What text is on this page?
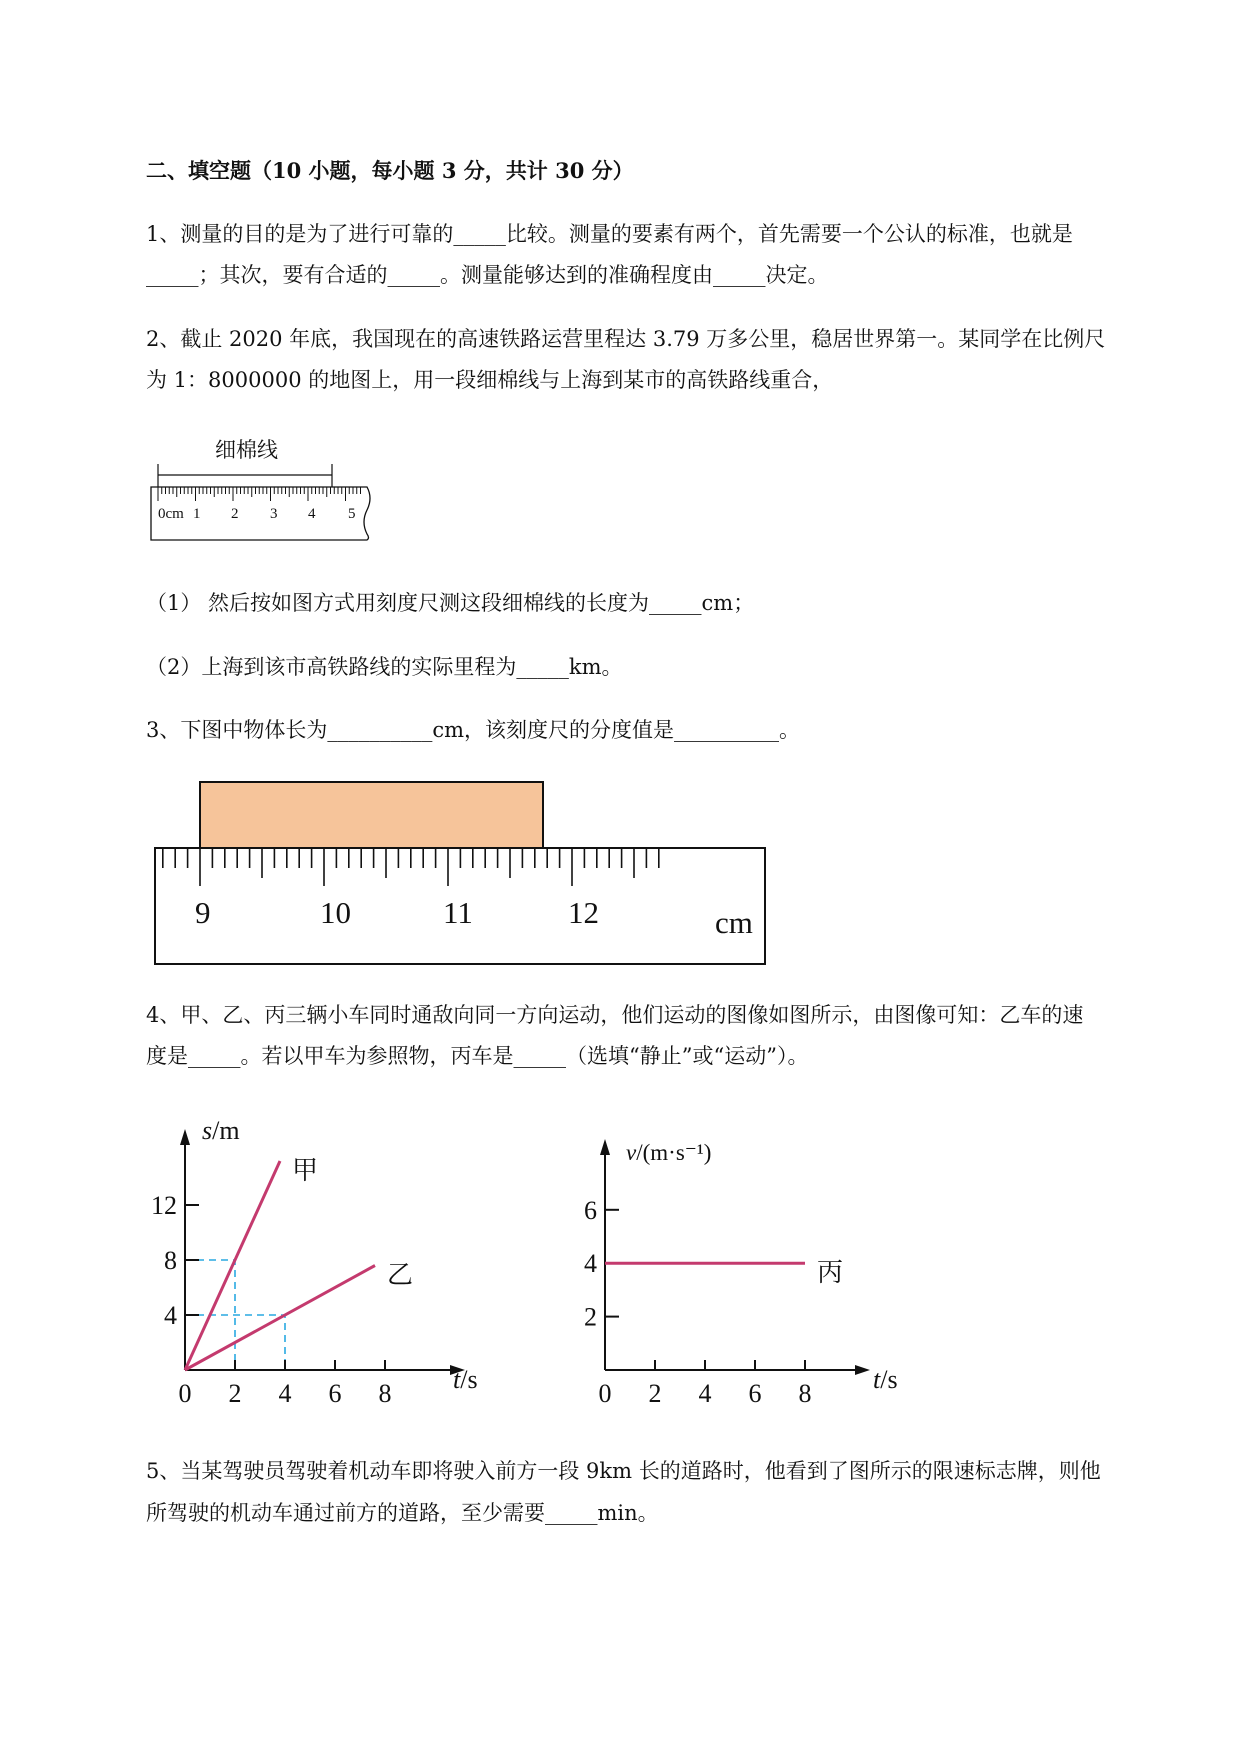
二、填空题（10 小题，每小题 3 分，共计 30 分）
1、测量的目的是为了进行可靠的_____比较。测量的要素有两个，首先需要一个公认的标准，也就是
_____；其次，要有合适的_____。测量能够达到的准确程度由_____决定。
2、截止 2020 年底，我国现在的高速铁路运营里程达 3.79 万多公里，稳居世界第一。某同学在比例尺
为 1：8000000 的地图上，用一段细棉线与上海到某市的高铁路线重合，
细棉线
0cm 1 2 3 4 5
（1） 然后按如图方式用刻度尺测这段细棉线的长度为_____cm；
（2）上海到该市高铁路线的实际里程为_____km。
3、下图中物体长为__________cm，该刻度尺的分度值是__________。
9	10	11	12	cm
4、甲、乙、丙三辆小车同时通敌向同一方向运动，他们运动的图像如图所示，由图像可知：乙车的速
度是_____。若以甲车为参照物，丙车是_____（选填“静止”或“运动”）。
0 2 4 6 8
4
8
12
甲
乙
s/m
t/s	0 2 4 6 8
2
4
6
丙
v/(m·s⁻¹)
t/s
5、当某驾驶员驾驶着机动车即将驶入前方一段 9km 长的道路时，他看到了图所示的限速标志牌，则他
所驾驶的机动车通过前方的道路，至少需要_____min。
